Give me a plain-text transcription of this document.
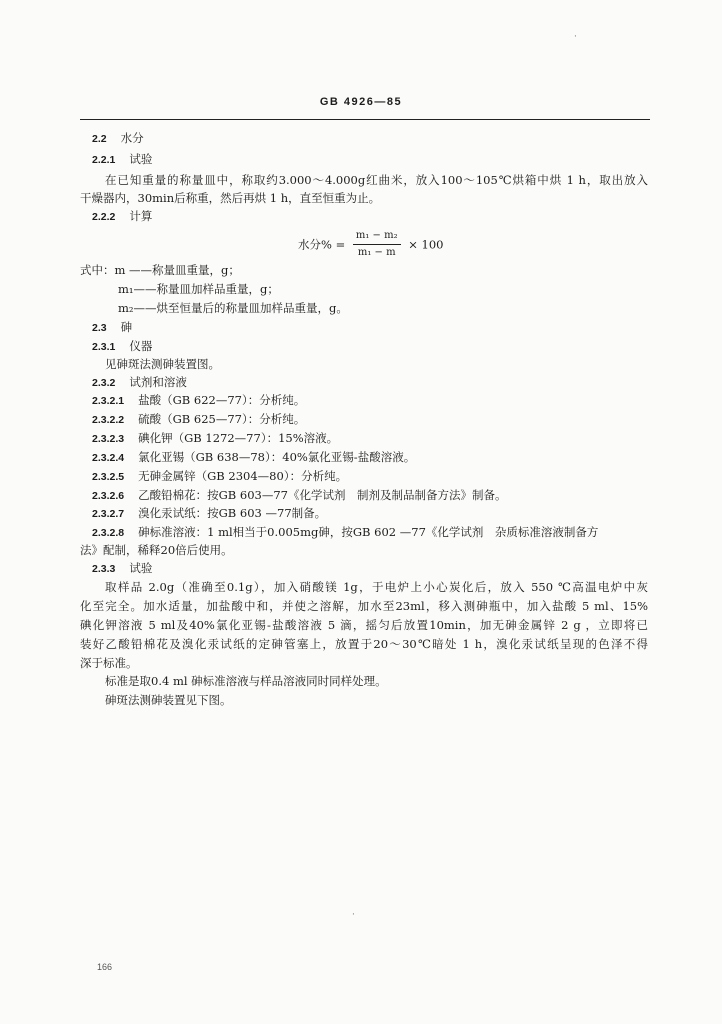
GB 4926—85
2.2 水分
2.2.1 试验
在已知重量的称量皿中，称取约3.000～4.000g红曲米，放入100～105℃烘箱中烘 1 h，取出放入
干燥器内，30min后称重，然后再烘 1 h，直至恒重为止。
2.2.2 计算
水分% = $\frac{\text{m₁ − m₂}}{\text{m₁ − m}} \times 100$
式中：m ——称量皿重量，g；
m₁——称量皿加样品重量，g；
m₂——烘至恒量后的称量皿加样品重量，g。
2.3 砷
2.3.1 仪器
见砷斑法测砷装置图。
2.3.2 试剂和溶液
2.3.2.1 盐酸（GB 622—77）：分析纯。
2.3.2.2 硫酸（GB 625—77）：分析纯。
2.3.2.3 碘化钾（GB 1272—77）：15%溶液。
2.3.2.4 氯化亚锡（GB 638—78）：40%氯化亚锡-盐酸溶液。
2.3.2.5 无砷金属锌（GB 2304—80）：分析纯。
2.3.2.6 乙酸铅棉花：按GB 603—77《化学试剂　制剂及制品制备方法》制备。
2.3.2.7 溴化汞试纸：按GB 603 —77制备。
2.3.2.8 砷标准溶液：1 ml相当于0.005mg砷，按GB 602 —77《化学试剂　杂质标准溶液制备方
法》配制，稀释20倍后使用。
2.3.3 试验
取样品 2.0g（准确至0.1g），加入硝酸镁 1g，于电炉上小心炭化后，放入 550 ℃高温电炉中灰
化至完全。加水适量，加盐酸中和，并使之溶解，加水至23ml，移入测砷瓶中，加入盐酸 5 ml、15%
碘化钾溶液 5 ml及40%氯化亚锡-盐酸溶液 5 滴，摇匀后放置10min，加无砷金属锌 2 g ，立即将已
装好乙酸铅棉花及溴化汞试纸的定砷管塞上，放置于20～30℃暗处 1 h，溴化汞试纸呈现的色泽不得
深于标准。
标准是取0.4 ml 砷标准溶液与样品溶液同时同样处理。
砷斑法测砷装置见下图。
·
·
166
